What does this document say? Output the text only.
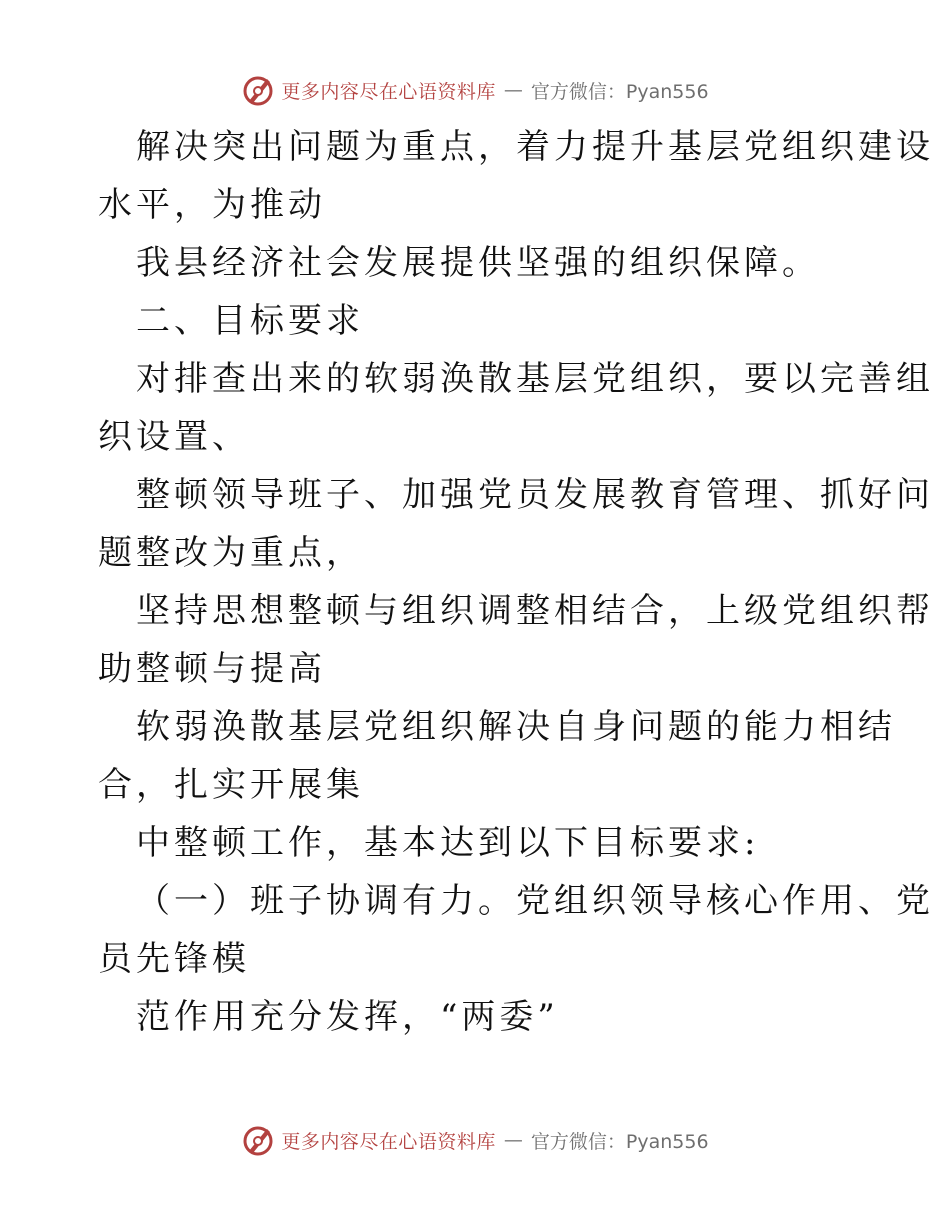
更多内容尽在心语资料库 — 官方微信：Pyan556
解决突出问题为重点，着力提升基层党组织建设
水平，为推动
我县经济社会发展提供坚强的组织保障。
二、目标要求
对排查出来的软弱涣散基层党组织，要以完善组
织设置、
整顿领导班子、加强党员发展教育管理、抓好问
题整改为重点，
坚持思想整顿与组织调整相结合，上级党组织帮
助整顿与提高
软弱涣散基层党组织解决自身问题的能力相结
合，扎实开展集
中整顿工作，基本达到以下目标要求:
（一）班子协调有力。党组织领导核心作用、党
员先锋模
范作用充分发挥，“两委”
更多内容尽在心语资料库 — 官方微信：Pyan556
